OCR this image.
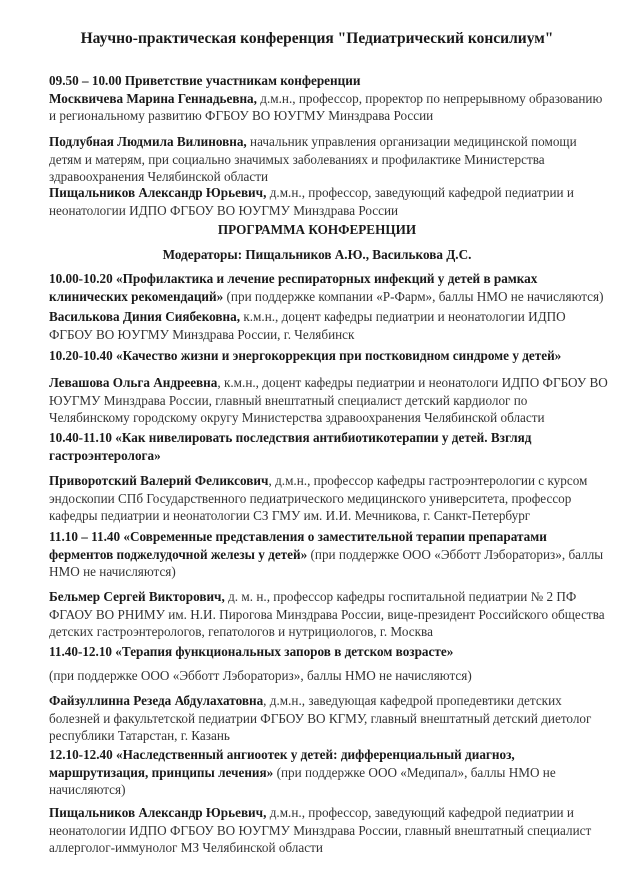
Научно-практическая конференция "Педиатрический консилиум"
09.50 – 10.00 Приветствие участникам конференции
Москвичева Марина Геннадьевна, д.м.н., профессор, проректор по непрерывному образованию и региональному развитию ФГБОУ ВО ЮУГМУ Минздрава России
Подлубная Людмила Вилиновна, начальник управления организации медицинской помощи детям и матерям, при социально значимых заболеваниях и профилактике Министерства здравоохранения Челябинской области
Пищальников Александр Юрьевич, д.м.н., профессор, заведующий кафедрой педиатрии и неонатологии ИДПО ФГБОУ ВО ЮУГМУ Минздрава России
ПРОГРАММА КОНФЕРЕНЦИИ
Модераторы: Пищальников А.Ю., Василькова Д.С.
10.00-10.20 «Профилактика и лечение респираторных инфекций у детей в рамках клинических рекомендаций» (при поддержке компании «Р-Фарм», баллы НМО не начисляются)
Василькова Диния Сиябековна, к.м.н., доцент кафедры педиатрии и неонатологии ИДПО ФГБОУ ВО ЮУГМУ Минздрава России, г. Челябинск
10.20-10.40 «Качество жизни и энергокоррекция при постковидном синдроме у детей»
Левашова Ольга Андреевна, к.м.н., доцент кафедры педиатрии и неонатологи ИДПО ФГБОУ ВО ЮУГМУ Минздрава России, главный внештатный специалист детский кардиолог по Челябинскому городскому округу Министерства здравоохранения Челябинской области
10.40-11.10 «Как нивелировать последствия антибиотикотерапии у детей. Взгляд гастроэнтеролога»
Приворотский Валерий Феликсович, д.м.н., профессор кафедры гастроэнтерологии с курсом эндоскопии СПб Государственного педиатрического медицинского университета, профессор кафедры педиатрии и неонатологии СЗ ГМУ им. И.И. Мечникова, г. Санкт-Петербург
11.10 – 11.40 «Современные представления о заместительной терапии препаратами ферментов поджелудочной железы у детей» (при поддержке ООО «Эбботт Лэбораториз», баллы НМО не начисляются)
Бельмер Сергей Викторович, д. м. н., профессор кафедры госпитальной педиатрии № 2 ПФ ФГАОУ ВО РНИМУ им. Н.И. Пирогова Минздрава России, вице-президент Российского общества детских гастроэнтерологов, гепатологов и нутрициологов, г. Москва
11.40-12.10 «Терапия функциональных запоров в детском возрасте»
(при поддержке ООО «Эбботт Лэбораториз», баллы НМО не начисляются)
Файзуллинна Резеда Абдулахатовна, д.м.н., заведующая кафедрой пропедевтики детских болезней и факультетской педиатрии ФГБОУ ВО КГМУ, главный внештатный детский диетолог республики Татарстан, г. Казань
12.10-12.40 «Наследственный ангиоотек у детей: дифференциальный диагноз, маршрутизация, принципы лечения» (при поддержке ООО «Медипал», баллы НМО не начисляются)
Пищальников Александр Юрьевич, д.м.н., профессор, заведующий кафедрой педиатрии и неонатологии ИДПО ФГБОУ ВО ЮУГМУ Минздрава России, главный внештатный специалист аллерголог-иммунолог МЗ Челябинской области
